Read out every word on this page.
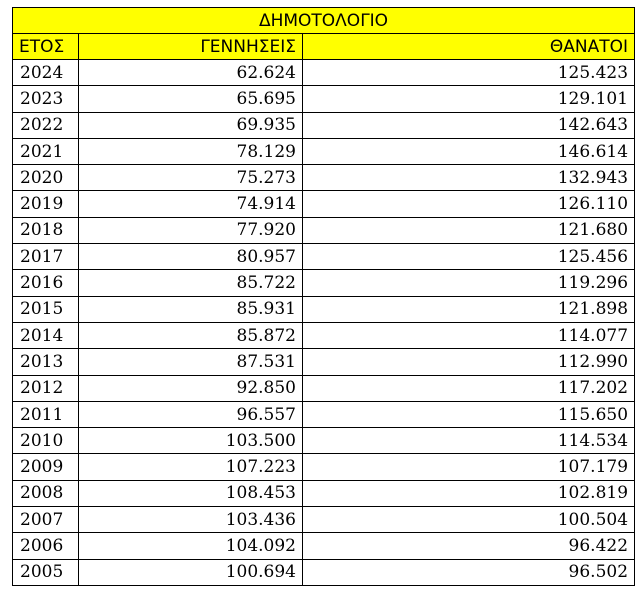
ΔΗΜΟΤΟΛΟΓΙΟ		
ΕΤΟΣ	ΓΕΝΝΗΣΕΙΣ	ΘΑΝΑΤΟΙ
2024	62.624	125.423
2023	65.695	129.101
2022	69.935	142.643
2021	78.129	146.614
2020	75.273	132.943
2019	74.914	126.110
2018	77.920	121.680
2017	80.957	125.456
2016	85.722	119.296
2015	85.931	121.898
2014	85.872	114.077
2013	87.531	112.990
2012	92.850	117.202
2011	96.557	115.650
2010	103.500	114.534
2009	107.223	107.179
2008	108.453	102.819
2007	103.436	100.504
2006	104.092	96.422
2005	100.694	96.502
